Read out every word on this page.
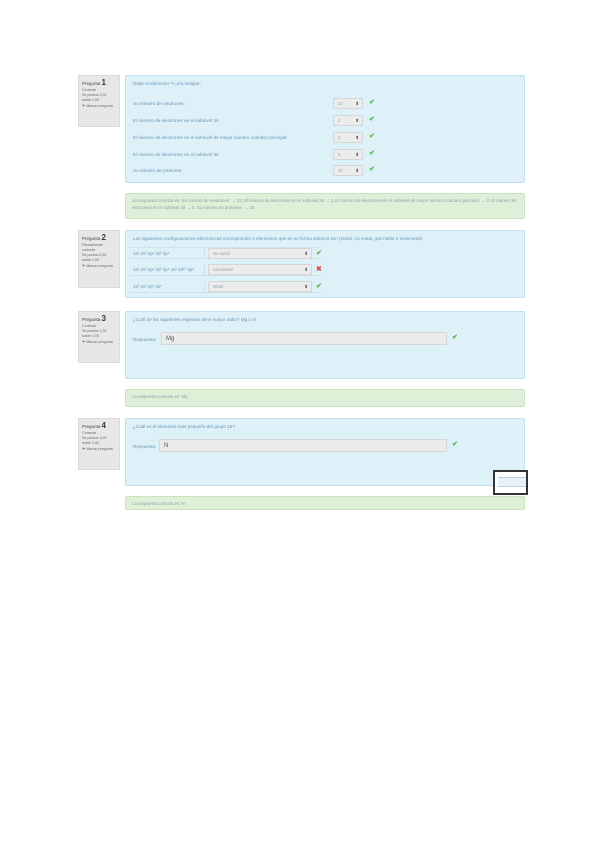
Pregunta 1
Correcta
Se puntúa 1,00 sobre 1,00
⚑ Marcar pregunta
Dado el elemento ⁴²₂₀Ca indique:
Su número de neutrones:	22	⬍ ✔
El número de electrones en el subnivel 3s	2	⬍ ✔
El número de electrones en el subnivel de mayor número cuántico principal:	2	⬍ ✔
El número de electrones en el subnivel 3d	0	⬍ ✔
Su número de protones:	20	⬍ ✔
La respuesta correcta es: Su número de neutrones: → 22, El número de electrones en el subnivel 3s → 2, El número de electrones en el subnivel de mayor número cuántico principal: → 2, El número de electrones en el subnivel 3d → 0, Su número de protones: → 20
Pregunta 2
Parcialmente correcta
Se puntúa 0,50 sobre 1,00
⚑ Marcar pregunta
Las siguientes configuraciones electrónicas corresponden a elementos que en su forma atómica son (metal, no metal, gas noble o semimetal):
1s² 2s² 2p⁶ 3s² 3p⁵	No metal	⬍ ✔
1s² 2s² 2p⁶ 3s² 3p⁶ 4s² 3d¹⁰ 4p⁶	Semimetal	⬍ ✖
1s² 2s² 2p⁶ 3s¹	Metal	⬍ ✔
Pregunta 3
Correcta
Se puntúa 1,00 sobre 1,00
⚑ Marcar pregunta
¿Cuál de las siguientes especies tiene mayor radio? Mg o Al
Respuesta:	Mg	✔
La respuesta correcta es: Mg
Pregunta 4
Correcta
Se puntúa 1,00 sobre 1,00
⚑ Marcar pregunta
¿Cuál es el elemento más pequeño del grupo 15?
Respuesta:	N	✔
La respuesta correcta es: N
